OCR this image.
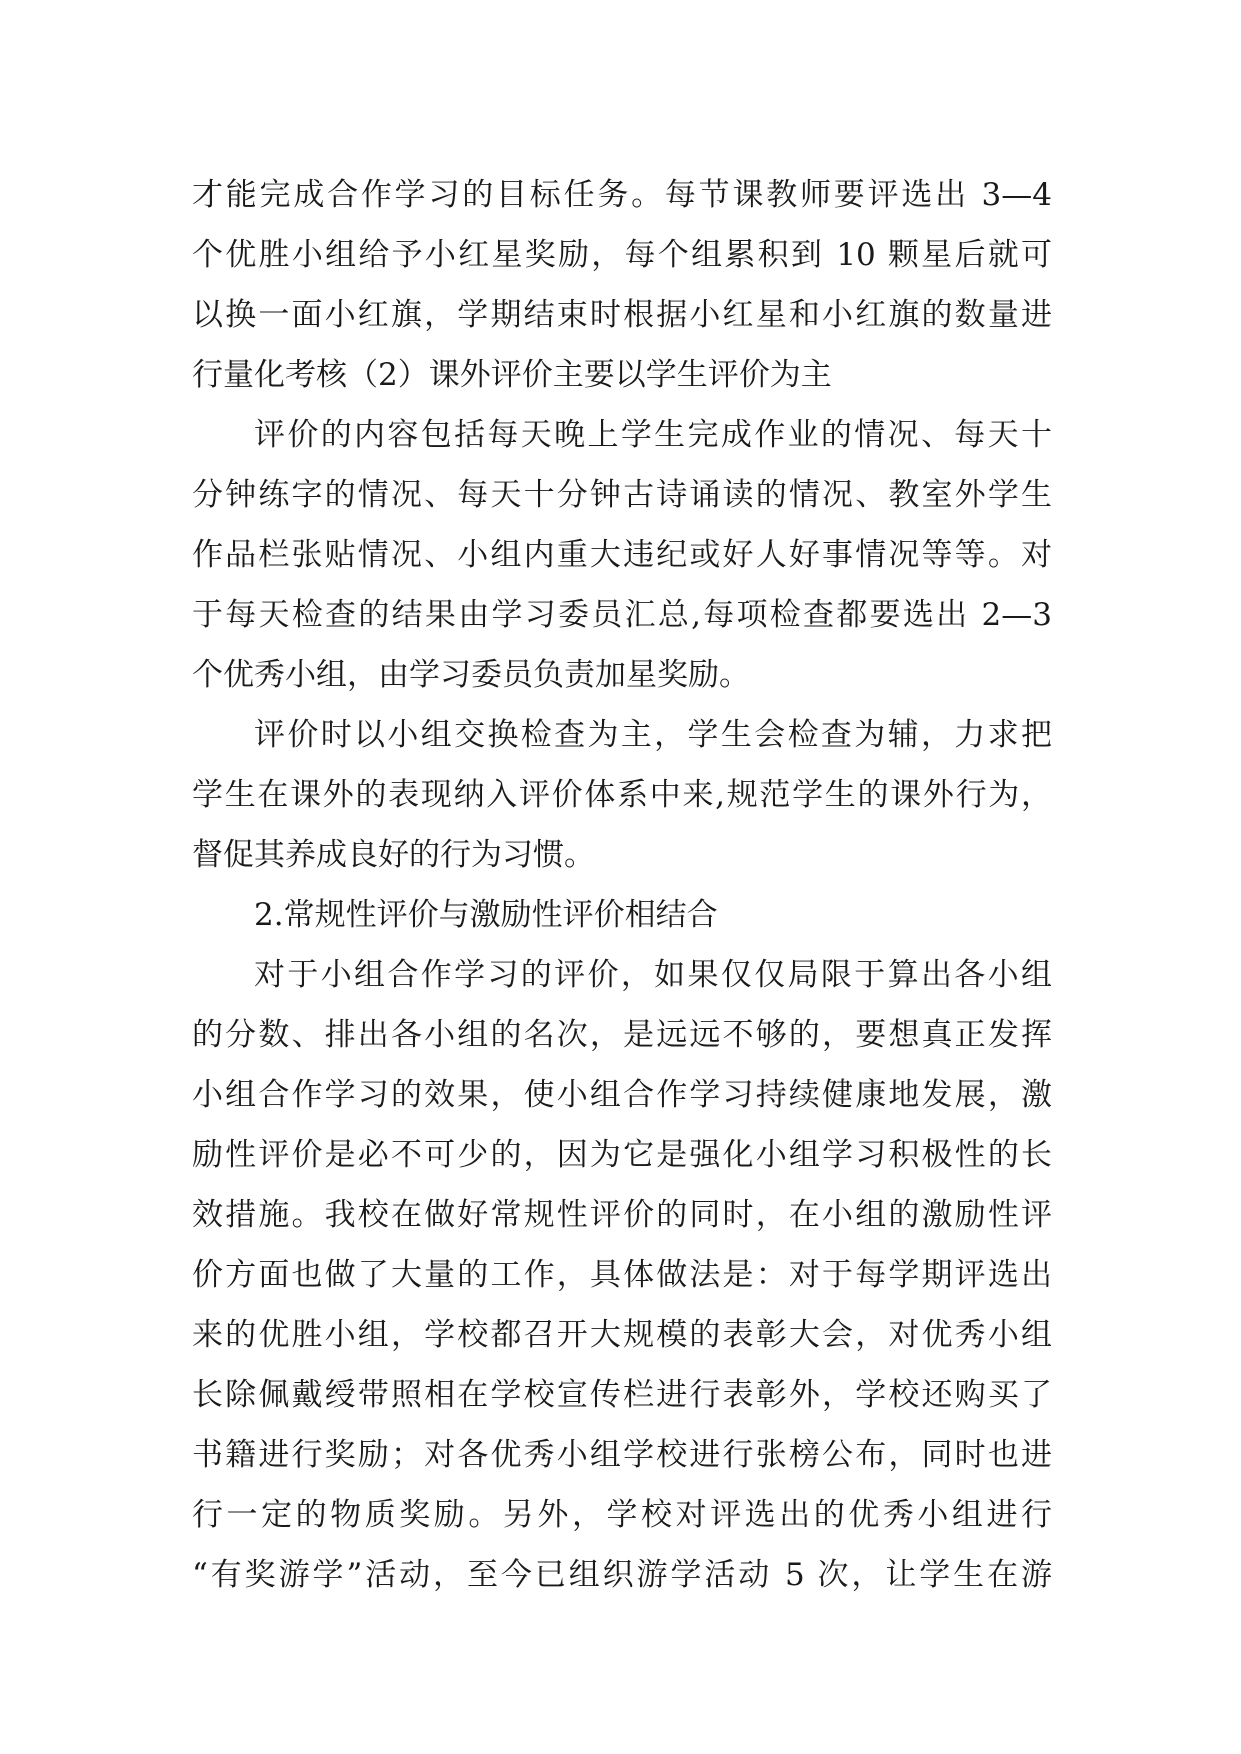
才能完成合作学习的目标任务。每节课教师要评选出 3—4
个优胜小组给予小红星奖励，每个组累积到 10 颗星后就可
以换一面小红旗，学期结束时根据小红星和小红旗的数量进
行量化考核（2）课外评价主要以学生评价为主
评价的内容包括每天晚上学生完成作业的情况、每天十
分钟练字的情况、每天十分钟古诗诵读的情况、教室外学生
作品栏张贴情况、小组内重大违纪或好人好事情况等等。对
于每天检查的结果由学习委员汇总,每项检查都要选出 2—3
个优秀小组，由学习委员负责加星奖励。
评价时以小组交换检查为主，学生会检查为辅，力求把
学生在课外的表现纳入评价体系中来,规范学生的课外行为，
督促其养成良好的行为习惯。
2.常规性评价与激励性评价相结合
对于小组合作学习的评价，如果仅仅局限于算出各小组
的分数、排出各小组的名次，是远远不够的，要想真正发挥
小组合作学习的效果，使小组合作学习持续健康地发展，激
励性评价是必不可少的，因为它是强化小组学习积极性的长
效措施。我校在做好常规性评价的同时，在小组的激励性评
价方面也做了大量的工作，具体做法是：对于每学期评选出
来的优胜小组，学校都召开大规模的表彰大会，对优秀小组
长除佩戴绶带照相在学校宣传栏进行表彰外，学校还购买了
书籍进行奖励；对各优秀小组学校进行张榜公布，同时也进
行一定的物质奖励。另外，学校对评选出的优秀小组进行
“有奖游学”活动，至今已组织游学活动 5 次，让学生在游
